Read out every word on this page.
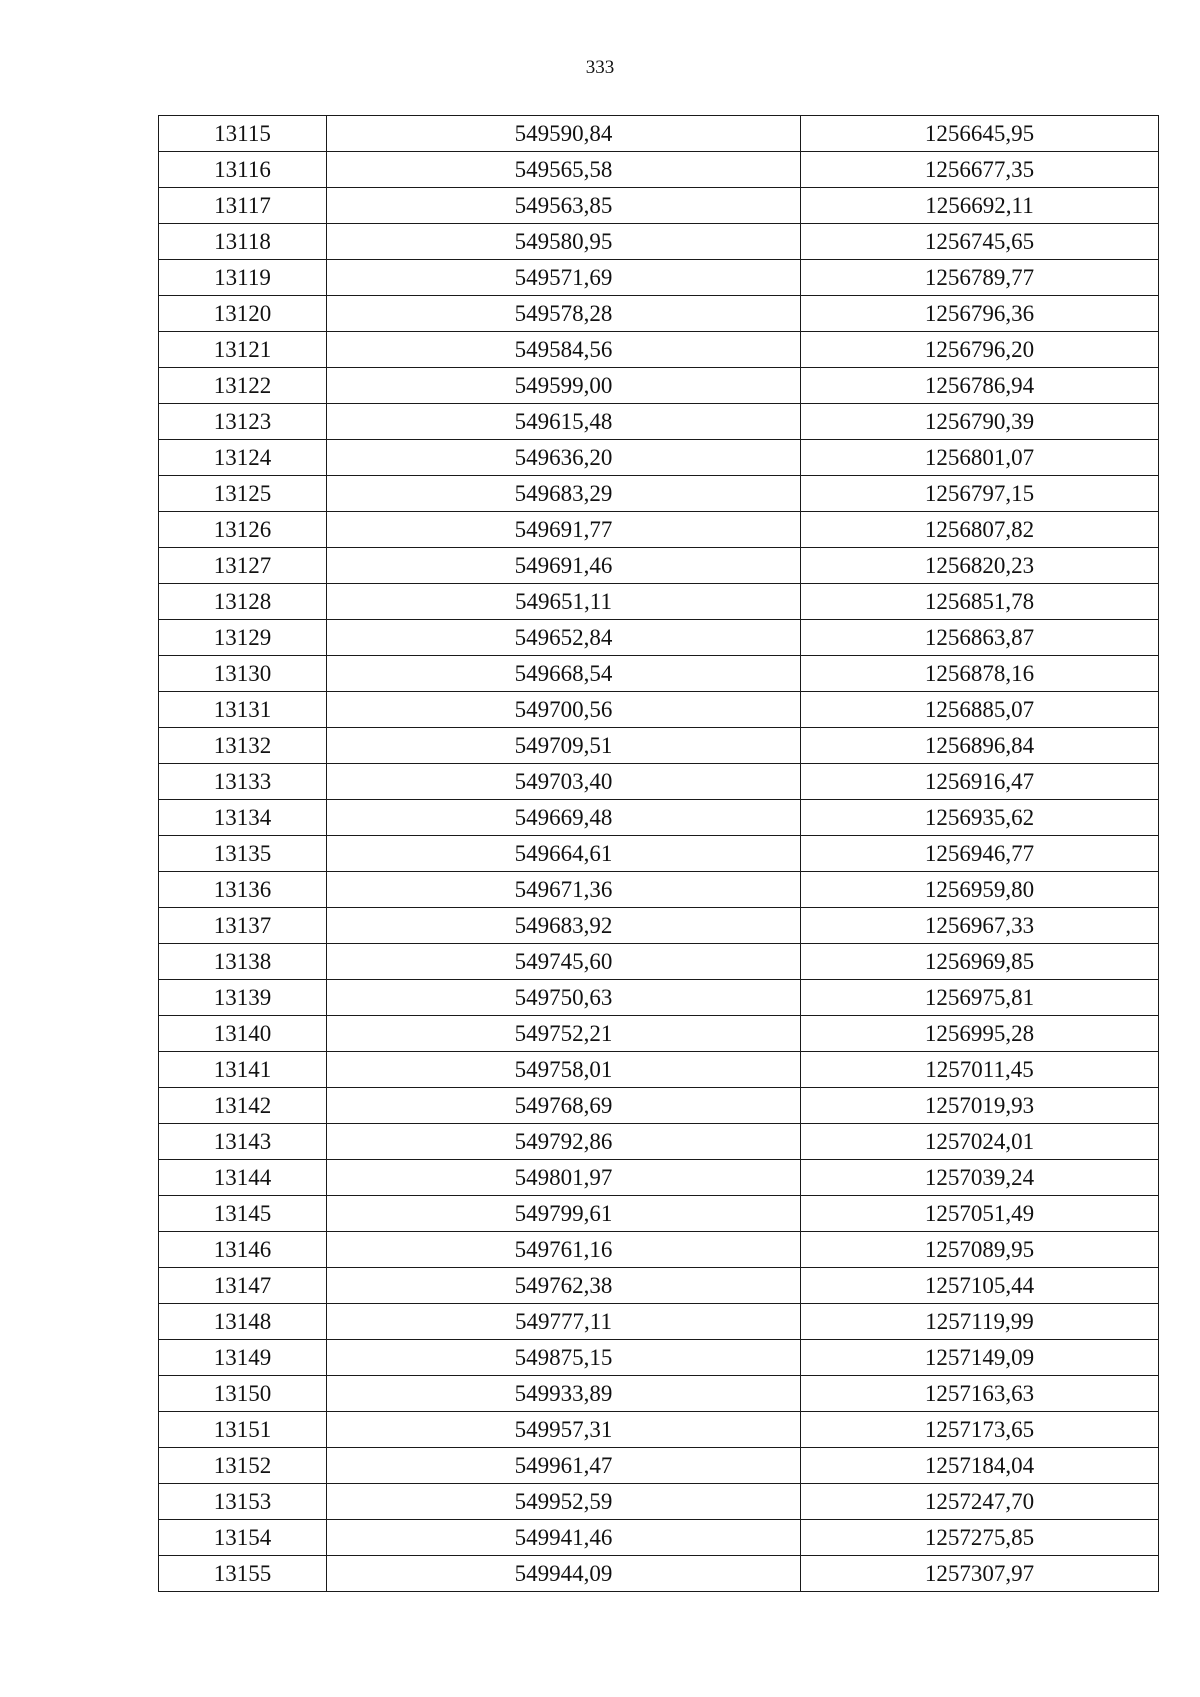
333
13115	549590,84	1256645,95
13116	549565,58	1256677,35
13117	549563,85	1256692,11
13118	549580,95	1256745,65
13119	549571,69	1256789,77
13120	549578,28	1256796,36
13121	549584,56	1256796,20
13122	549599,00	1256786,94
13123	549615,48	1256790,39
13124	549636,20	1256801,07
13125	549683,29	1256797,15
13126	549691,77	1256807,82
13127	549691,46	1256820,23
13128	549651,11	1256851,78
13129	549652,84	1256863,87
13130	549668,54	1256878,16
13131	549700,56	1256885,07
13132	549709,51	1256896,84
13133	549703,40	1256916,47
13134	549669,48	1256935,62
13135	549664,61	1256946,77
13136	549671,36	1256959,80
13137	549683,92	1256967,33
13138	549745,60	1256969,85
13139	549750,63	1256975,81
13140	549752,21	1256995,28
13141	549758,01	1257011,45
13142	549768,69	1257019,93
13143	549792,86	1257024,01
13144	549801,97	1257039,24
13145	549799,61	1257051,49
13146	549761,16	1257089,95
13147	549762,38	1257105,44
13148	549777,11	1257119,99
13149	549875,15	1257149,09
13150	549933,89	1257163,63
13151	549957,31	1257173,65
13152	549961,47	1257184,04
13153	549952,59	1257247,70
13154	549941,46	1257275,85
13155	549944,09	1257307,97
